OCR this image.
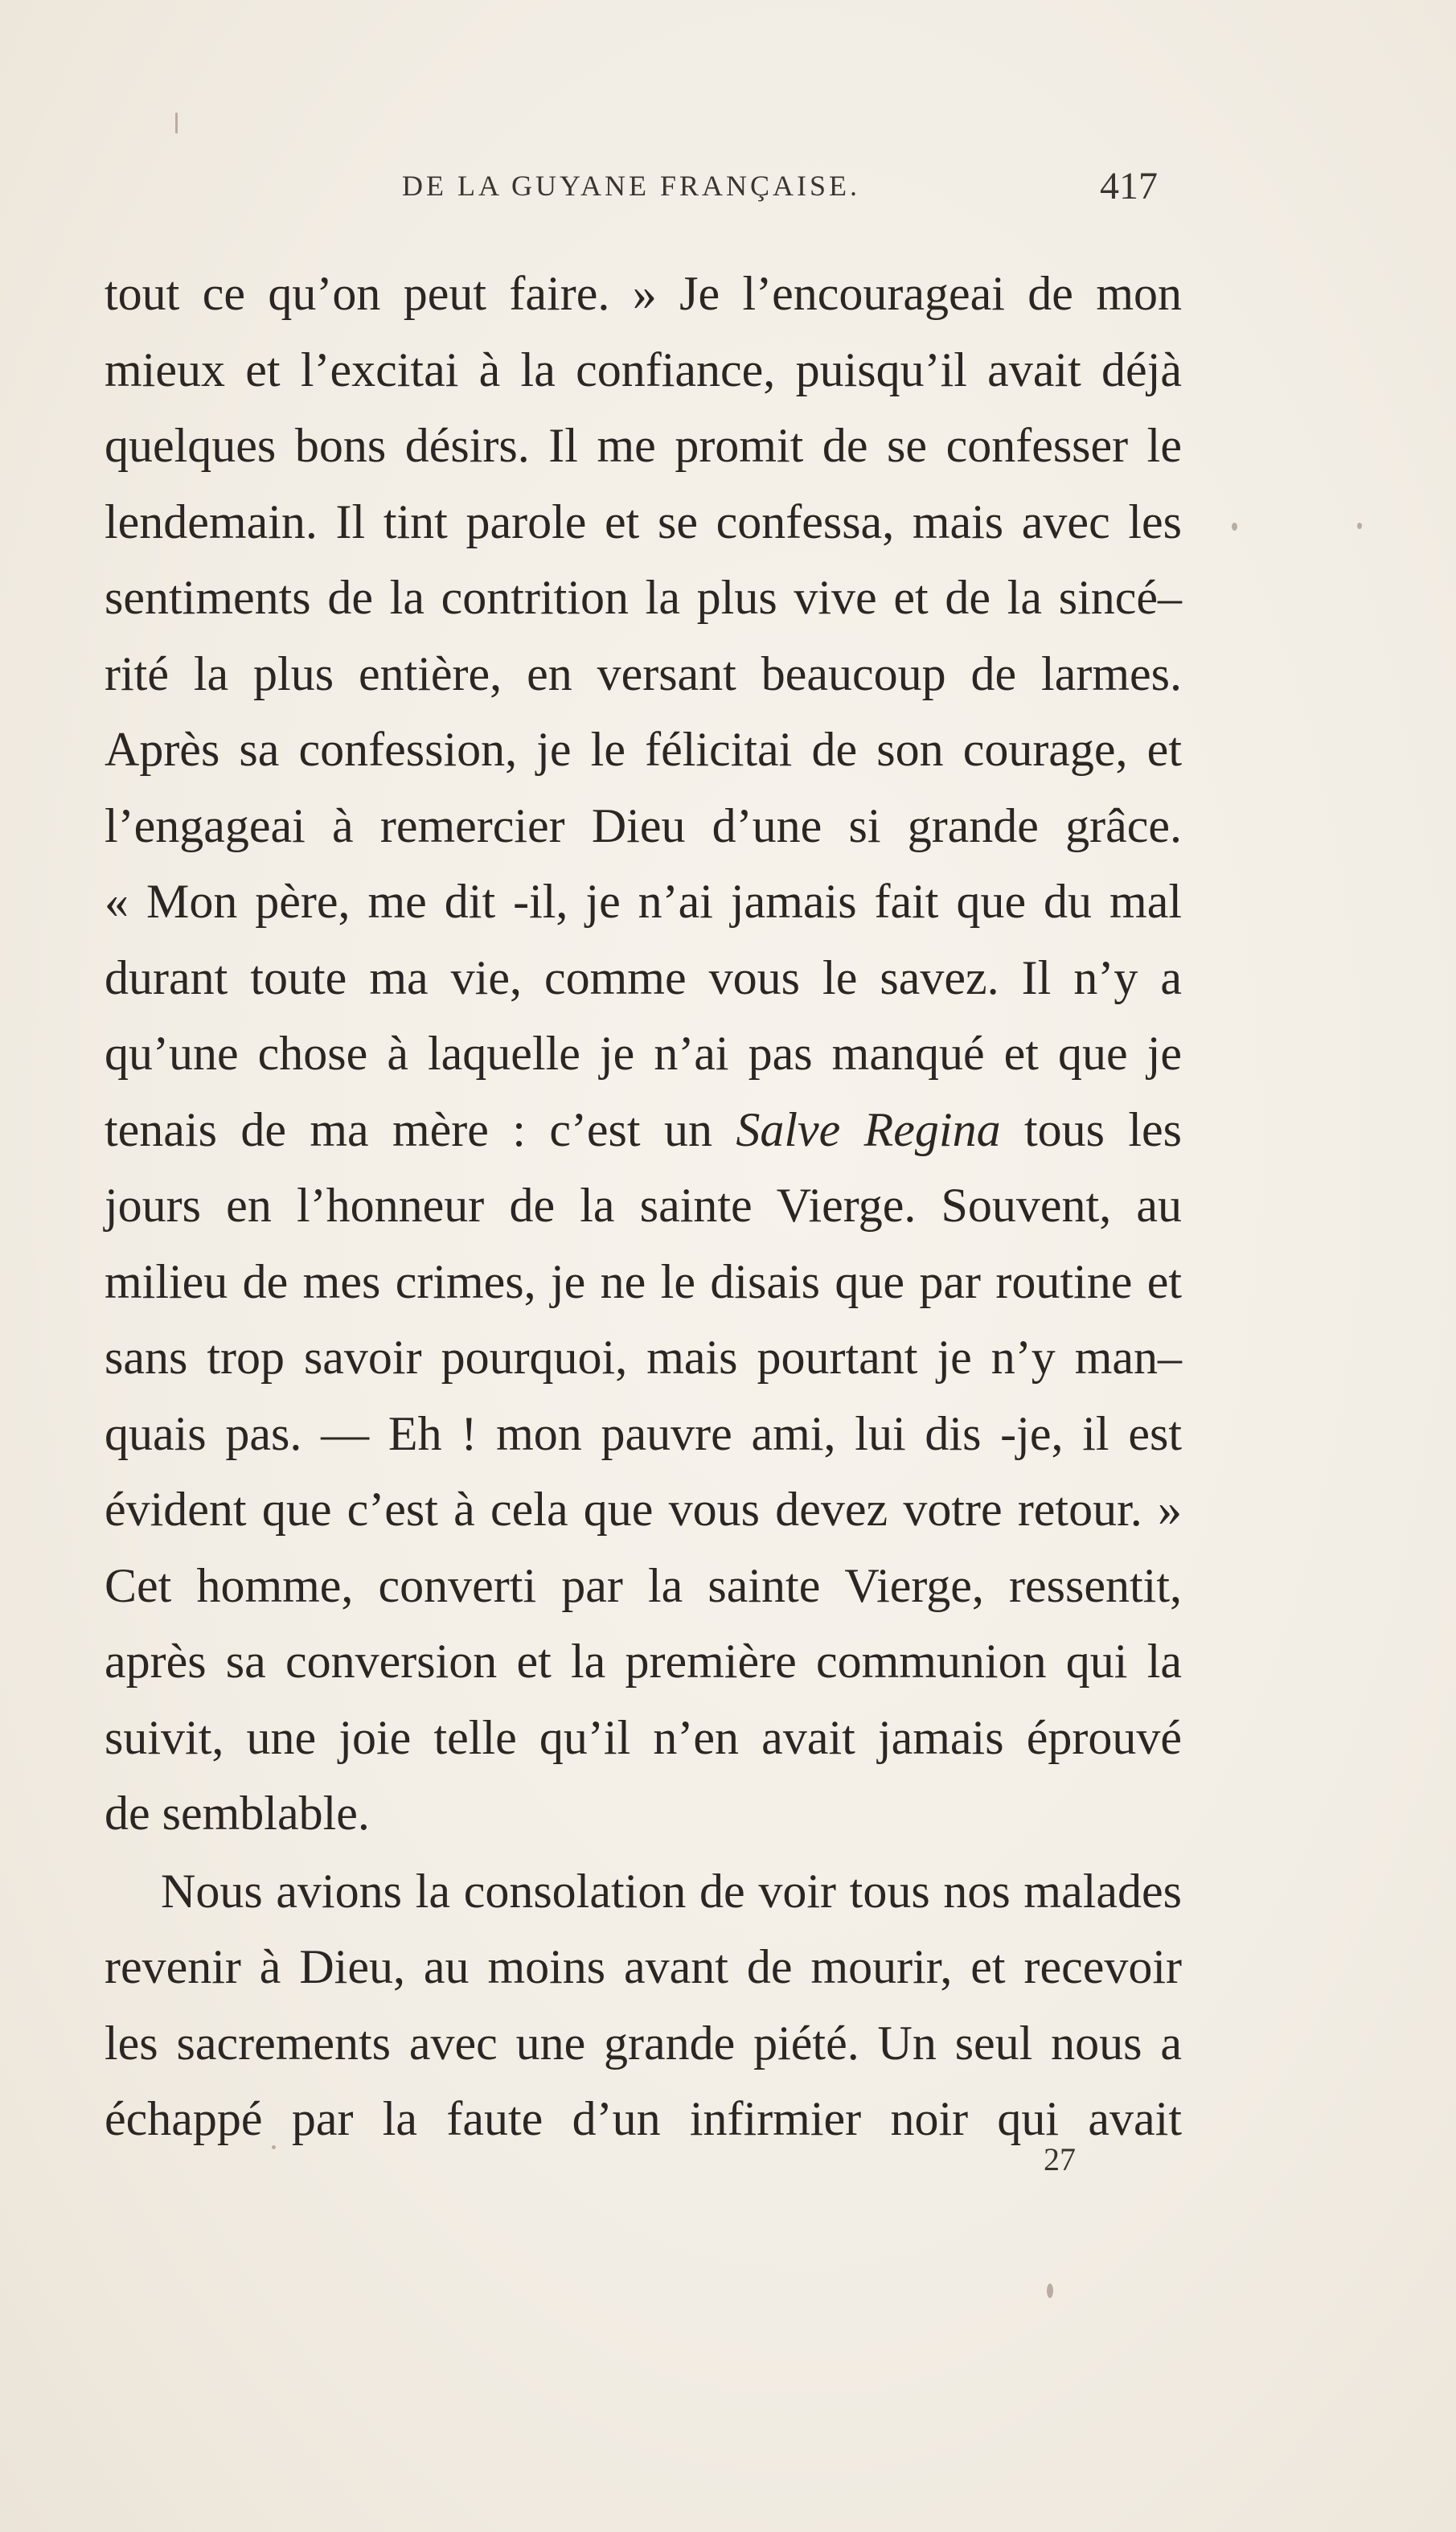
DE LA GUYANE FRANÇAISE.	417
tout ce qu’on peut faire. » Je l’encourageai de mon
mieux et l’excitai à la confiance, puisqu’il avait déjà
quelques bons désirs. Il me promit de se confesser le
lendemain. Il tint parole et se confessa, mais avec les
sentiments de la contrition la plus vive et de la sincé–
rité la plus entière, en versant beaucoup de larmes.
Après sa confession, je le félicitai de son courage, et
l’engageai à remercier Dieu d’une si grande grâce.
« Mon père, me dit -il, je n’ai jamais fait que du mal
durant toute ma vie, comme vous le savez. Il n’y a
qu’une chose à laquelle je n’ai pas manqué et que je
tenais de ma mère : c’est un Salve Regina tous les
jours en l’honneur de la sainte Vierge. Souvent, au
milieu de mes crimes, je ne le disais que par routine et
sans trop savoir pourquoi, mais pourtant je n’y man–
quais pas. — Eh ! mon pauvre ami, lui dis -je, il est
évident que c’est à cela que vous devez votre retour. »
Cet homme, converti par la sainte Vierge, ressentit,
après sa conversion et la première communion qui la
suivit, une joie telle qu’il n’en avait jamais éprouvé
de semblable.
Nous avions la consolation de voir tous nos malades
revenir à Dieu, au moins avant de mourir, et recevoir
les sacrements avec une grande piété. Un seul nous a
échappé par la faute d’un infirmier noir qui avait
27
